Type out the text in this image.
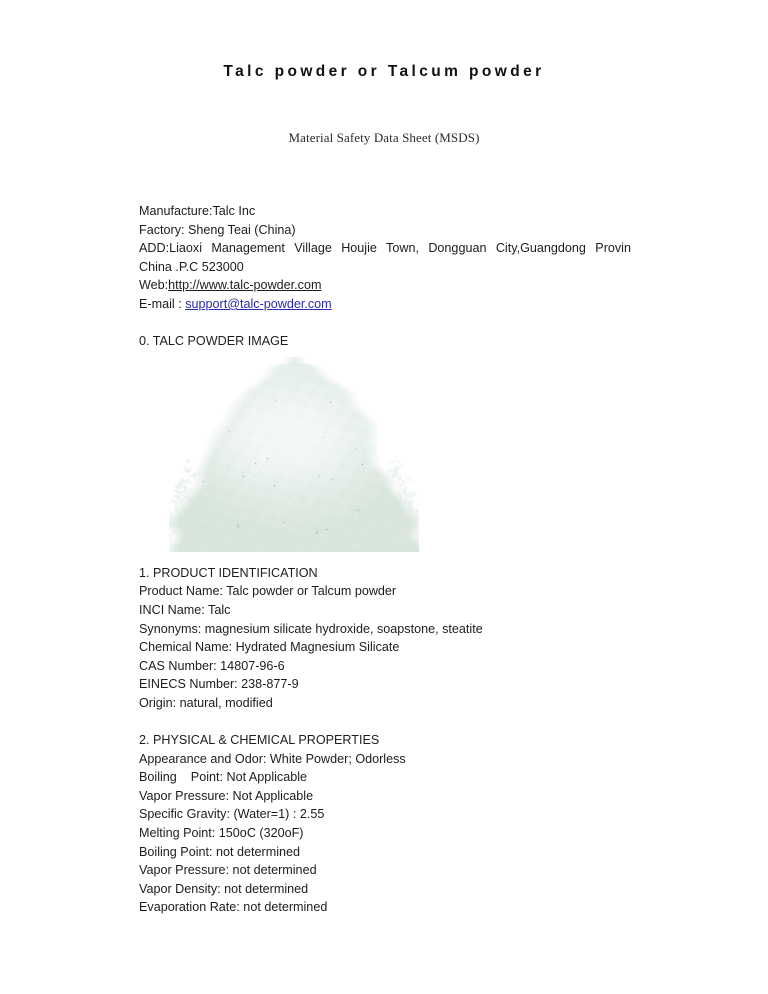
Talc powder or Talcum powder
Material Safety Data Sheet (MSDS)
Manufacture:Talc Inc
Factory: Sheng Teai (China)
ADD:Liaoxi Management Village Houjie Town, Dongguan City,Guangdong Provin
China .P.C 523000
Web:http://www.talc-powder.com
E-mail : support@talc-powder.com
0. TALC POWDER IMAGE
1. PRODUCT IDENTIFICATION
Product Name: Talc powder or Talcum powder
INCI Name: Talc
Synonyms: magnesium silicate hydroxide, soapstone, steatite
Chemical Name: Hydrated Magnesium Silicate
CAS Number: 14807-96-6
EINECS Number: 238-877-9
Origin: natural, modified
2. PHYSICAL & CHEMICAL PROPERTIES
Appearance and Odor: White Powder; Odorless
Boiling    Point: Not Applicable
Vapor Pressure: Not Applicable
Specific Gravity: (Water=1) : 2.55
Melting Point: 150oC (320oF)
Boiling Point: not determined
Vapor Pressure: not determined
Vapor Density: not determined
Evaporation Rate: not determined
